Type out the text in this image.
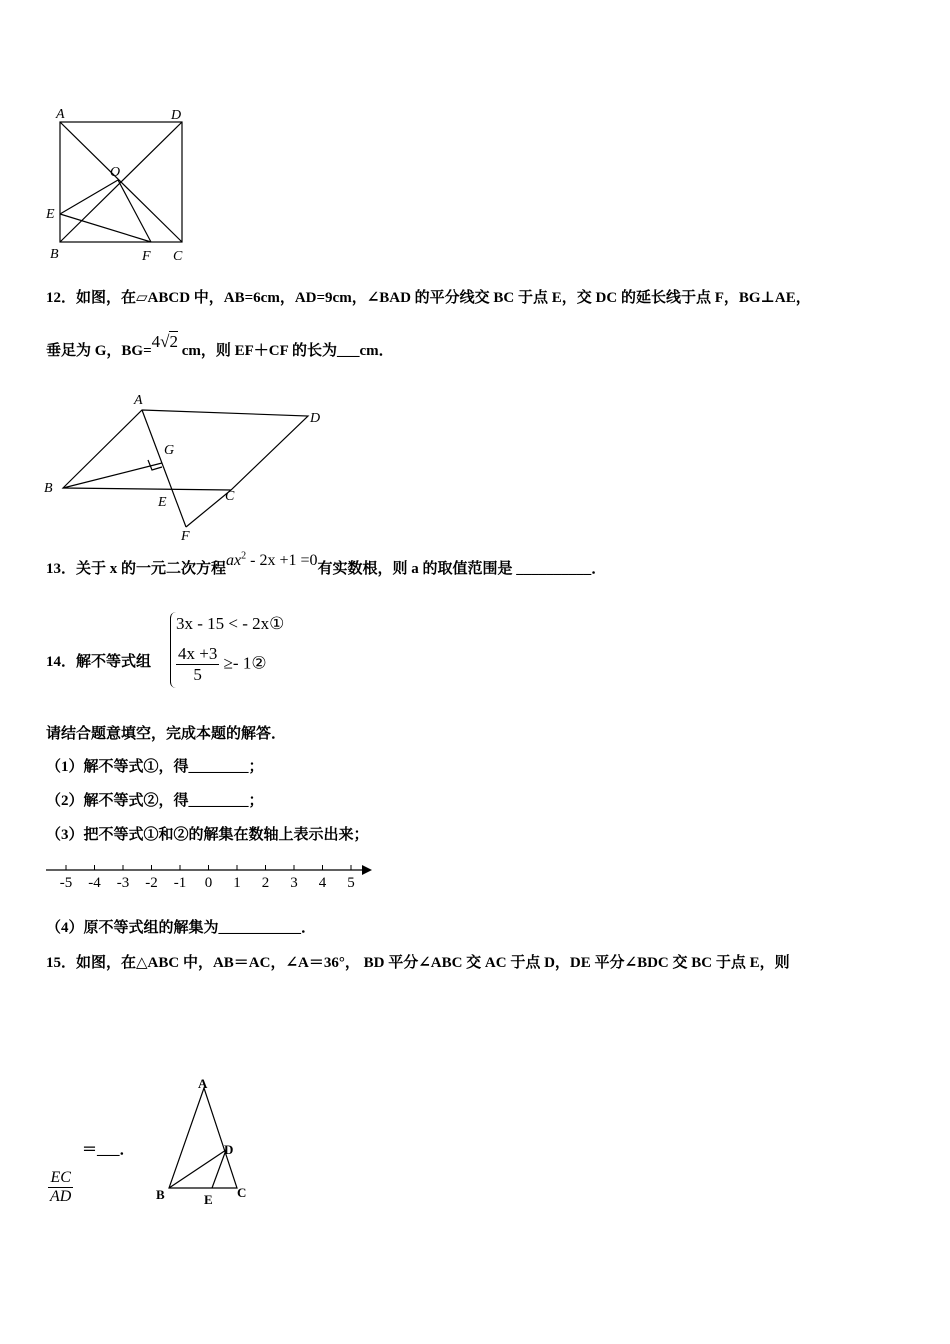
A	D
O
E
B	F C
12．如图，在▱ABCD 中，AB=6cm，AD=9cm，∠BAD 的平分线交 BC 于点 E，交 DC 的延长线于点 F，BG⊥AE，
垂足为 G，BG=4√2 cm，则 EF＋CF 的长为___cm．
A
D
B
C
G
E
F
13．关于 x 的一元二次方程$ax^2 - 2x +1 =0$有实数根，则 a 的取值范围是 __________．
14．解不等式组
3x - 15 < - 2x①
$\frac{4x +3}{5}$ ≥- 1②
请结合题意填空，完成本题的解答．
（1）解不等式①，得________；
（2）解不等式②，得________；
（3）把不等式①和②的解集在数轴上表示出来；
-5 -4 -3 -2 -1 0 1 2 3 4 5
（4）原不等式组的解集为___________．
15．如图，在△ABC 中，AB＝AC，∠A＝36°， BD 平分∠ABC 交 AC 于点 D，DE 平分∠BDC 交 BC 于点 E，则
$\frac{EC}{AD}$
＝___．
A
B	C
D
E
